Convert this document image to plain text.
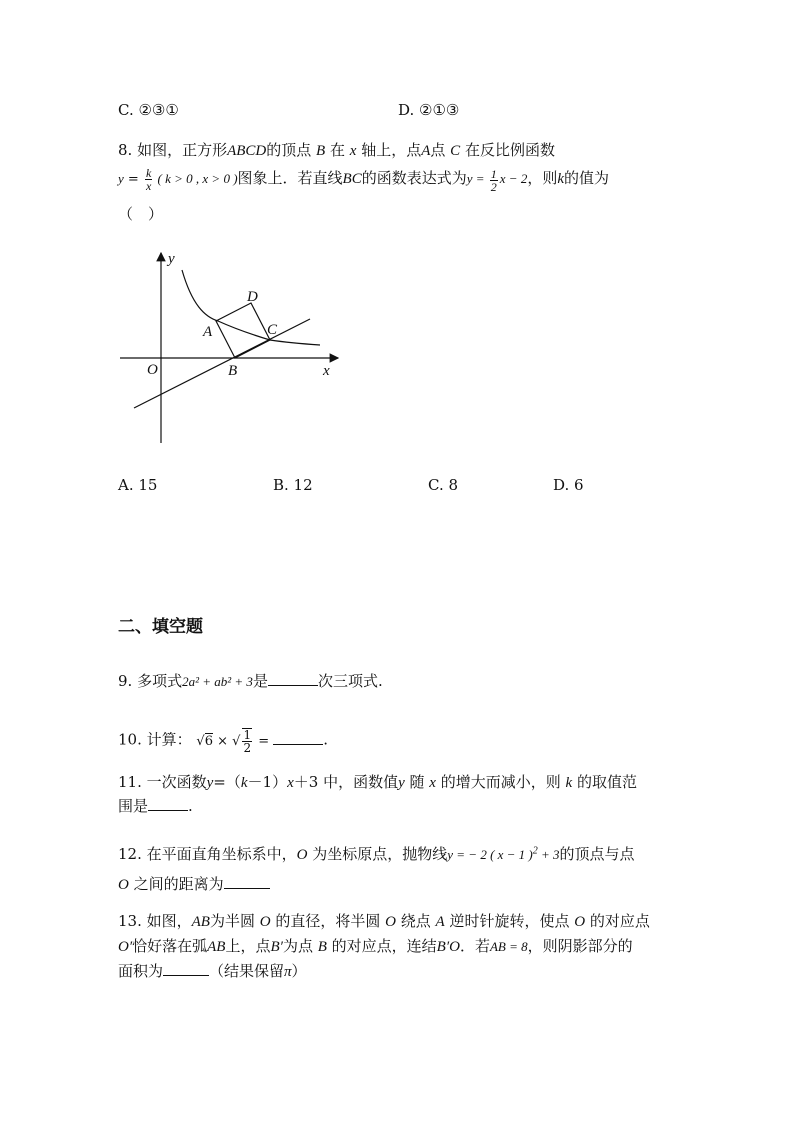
C. ②③①	D. ②①③
8. 如图，正方形ABCD的顶点 B 在 x 轴上，点A点 C 在反比例函数
$y = \frac{k}{x}$ ( k > 0 , x > 0 )图象上．若直线BC的函数表达式为$y = \frac{1}{2}$ x − 2，则k的值为
（　）
y
x
O
A
B
C
D
A. 15	B. 12	C. 8	D. 6
二、填空题
9. 多项式2a² + ab² + 3是	次三项式.
10. 计算： √6 × √ $\frac{1}{2}$ =	.
11. 一次函数y=（k－1）x＋3 中，函数值y 随 x 的增大而减小，则 k 的取值范
围是	.
12. 在平面直角坐标系中，O 为坐标原点，抛物线y = − 2 ( x − 1 )$^2$ + 3的顶点与点
O 之间的距离为
13. 如图，AB为半圆 O 的直径，将半圆 O 绕点 A 逆时针旋转，使点 O 的对应点
O′恰好落在弧AB上，点B′为点 B 的对应点，连结B′O．若AB = 8，则阴影部分的
面积为	（结果保留π）
